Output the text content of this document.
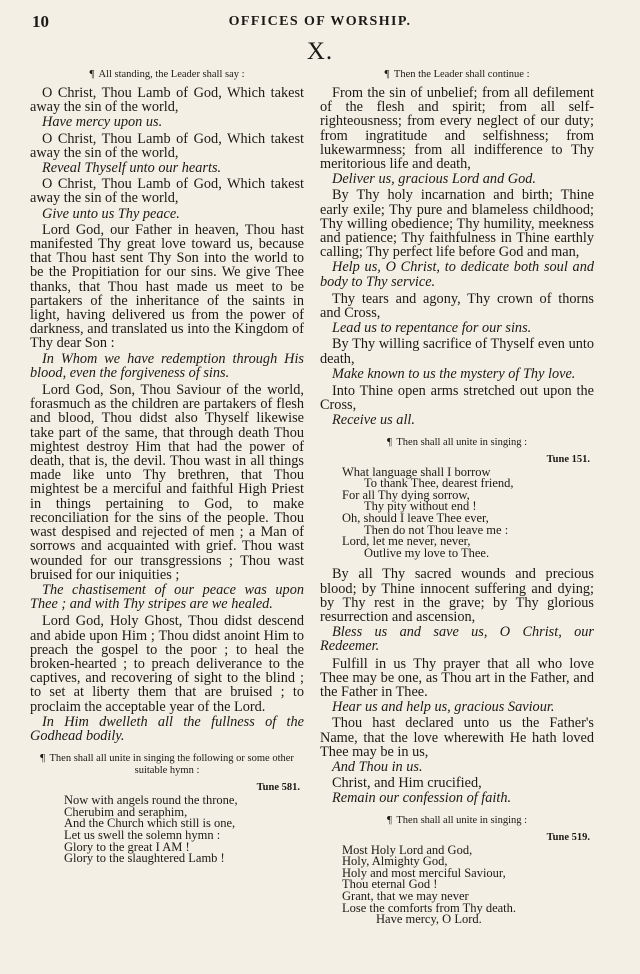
10	OFFICES OF WORSHIP.
X.
¶ All standing, the Leader shall say :
O Christ, Thou Lamb of God, Which takest away the sin of the world,
Have mercy upon us.
O Christ, Thou Lamb of God, Which takest away the sin of the world,
Reveal Thyself unto our hearts.
O Christ, Thou Lamb of God, Which takest away the sin of the world,
Give unto us Thy peace.
Lord God, our Father in heaven, Thou hast manifested Thy great love toward us, because that Thou hast sent Thy Son into the world to be the Propitiation for our sins. We give Thee thanks, that Thou hast made us meet to be partakers of the inheritance of the saints in light, having delivered us from the power of darkness, and translated us into the Kingdom of Thy dear Son :
In Whom we have redemption through His blood, even the forgiveness of sins.
Lord God, Son, Thou Saviour of the world, forasmuch as the children are partakers of flesh and blood, Thou didst also Thyself likewise take part of the same, that through death Thou mightest destroy Him that had the power of death, that is, the devil. Thou wast in all things made like unto Thy brethren, that Thou mightest be a merciful and faithful High Priest in things pertaining to God, to make reconciliation for the sins of the people. Thou wast despised and rejected of men ; a Man of sorrows and acquainted with grief. Thou wast wounded for our transgressions ; Thou wast bruised for our iniquities ;
The chastisement of our peace was upon Thee ; and with Thy stripes are we healed.
Lord God, Holy Ghost, Thou didst descend and abide upon Him ; Thou didst anoint Him to preach the gospel to the poor ; to heal the broken-hearted ; to preach deliverance to the captives, and recovering of sight to the blind ; to set at liberty them that are bruised ; to proclaim the acceptable year of the Lord.
In Him dwelleth all the fullness of the Godhead bodily.
¶ Then shall all unite in singing the following or some other suitable hymn :
Tune 581.
Now with angels round the throne,
Cherubim and seraphim,
And the Church which still is one,
Let us swell the solemn hymn :
Glory to the great I AM !
Glory to the slaughtered Lamb !
¶ Then the Leader shall continue :
From the sin of unbelief; from all defilement of the flesh and spirit; from all self-righteousness; from every neglect of our duty; from ingratitude and selfishness; from lukewarmness; from all indifference to Thy meritorious life and death,
Deliver us, gracious Lord and God.
By Thy holy incarnation and birth; Thine early exile; Thy pure and blameless childhood; Thy willing obedience; Thy humility, meekness and patience; Thy faithfulness in Thine earthly calling; Thy perfect life before God and man,
Help us, O Christ, to dedicate both soul and body to Thy service.
Thy tears and agony, Thy crown of thorns and Cross,
Lead us to repentance for our sins.
By Thy willing sacrifice of Thyself even unto death,
Make known to us the mystery of Thy love.
Into Thine open arms stretched out upon the Cross,
Receive us all.
¶ Then shall all unite in singing :
Tune 151.
What language shall I borrow
To thank Thee, dearest friend,
For all Thy dying sorrow,
Thy pity without end !
Oh, should I leave Thee ever,
Then do not Thou leave me :
Lord, let me never, never,
Outlive my love to Thee.
By all Thy sacred wounds and precious blood; by Thine innocent suffering and dying; by Thy rest in the grave; by Thy glorious resurrection and ascension,
Bless us and save us, O Christ, our Redeemer.
Fulfill in us Thy prayer that all who love Thee may be one, as Thou art in the Father, and the Father in Thee.
Hear us and help us, gracious Saviour.
Thou hast declared unto us the Father's Name, that the love wherewith He hath loved Thee may be in us,
And Thou in us.
Christ, and Him crucified,
Remain our confession of faith.
¶ Then shall all unite in singing :
Tune 519.
Most Holy Lord and God,
Holy, Almighty God,
Holy and most merciful Saviour,
Thou eternal God !
Grant, that we may never
Lose the comforts from Thy death.
Have mercy, O Lord.
